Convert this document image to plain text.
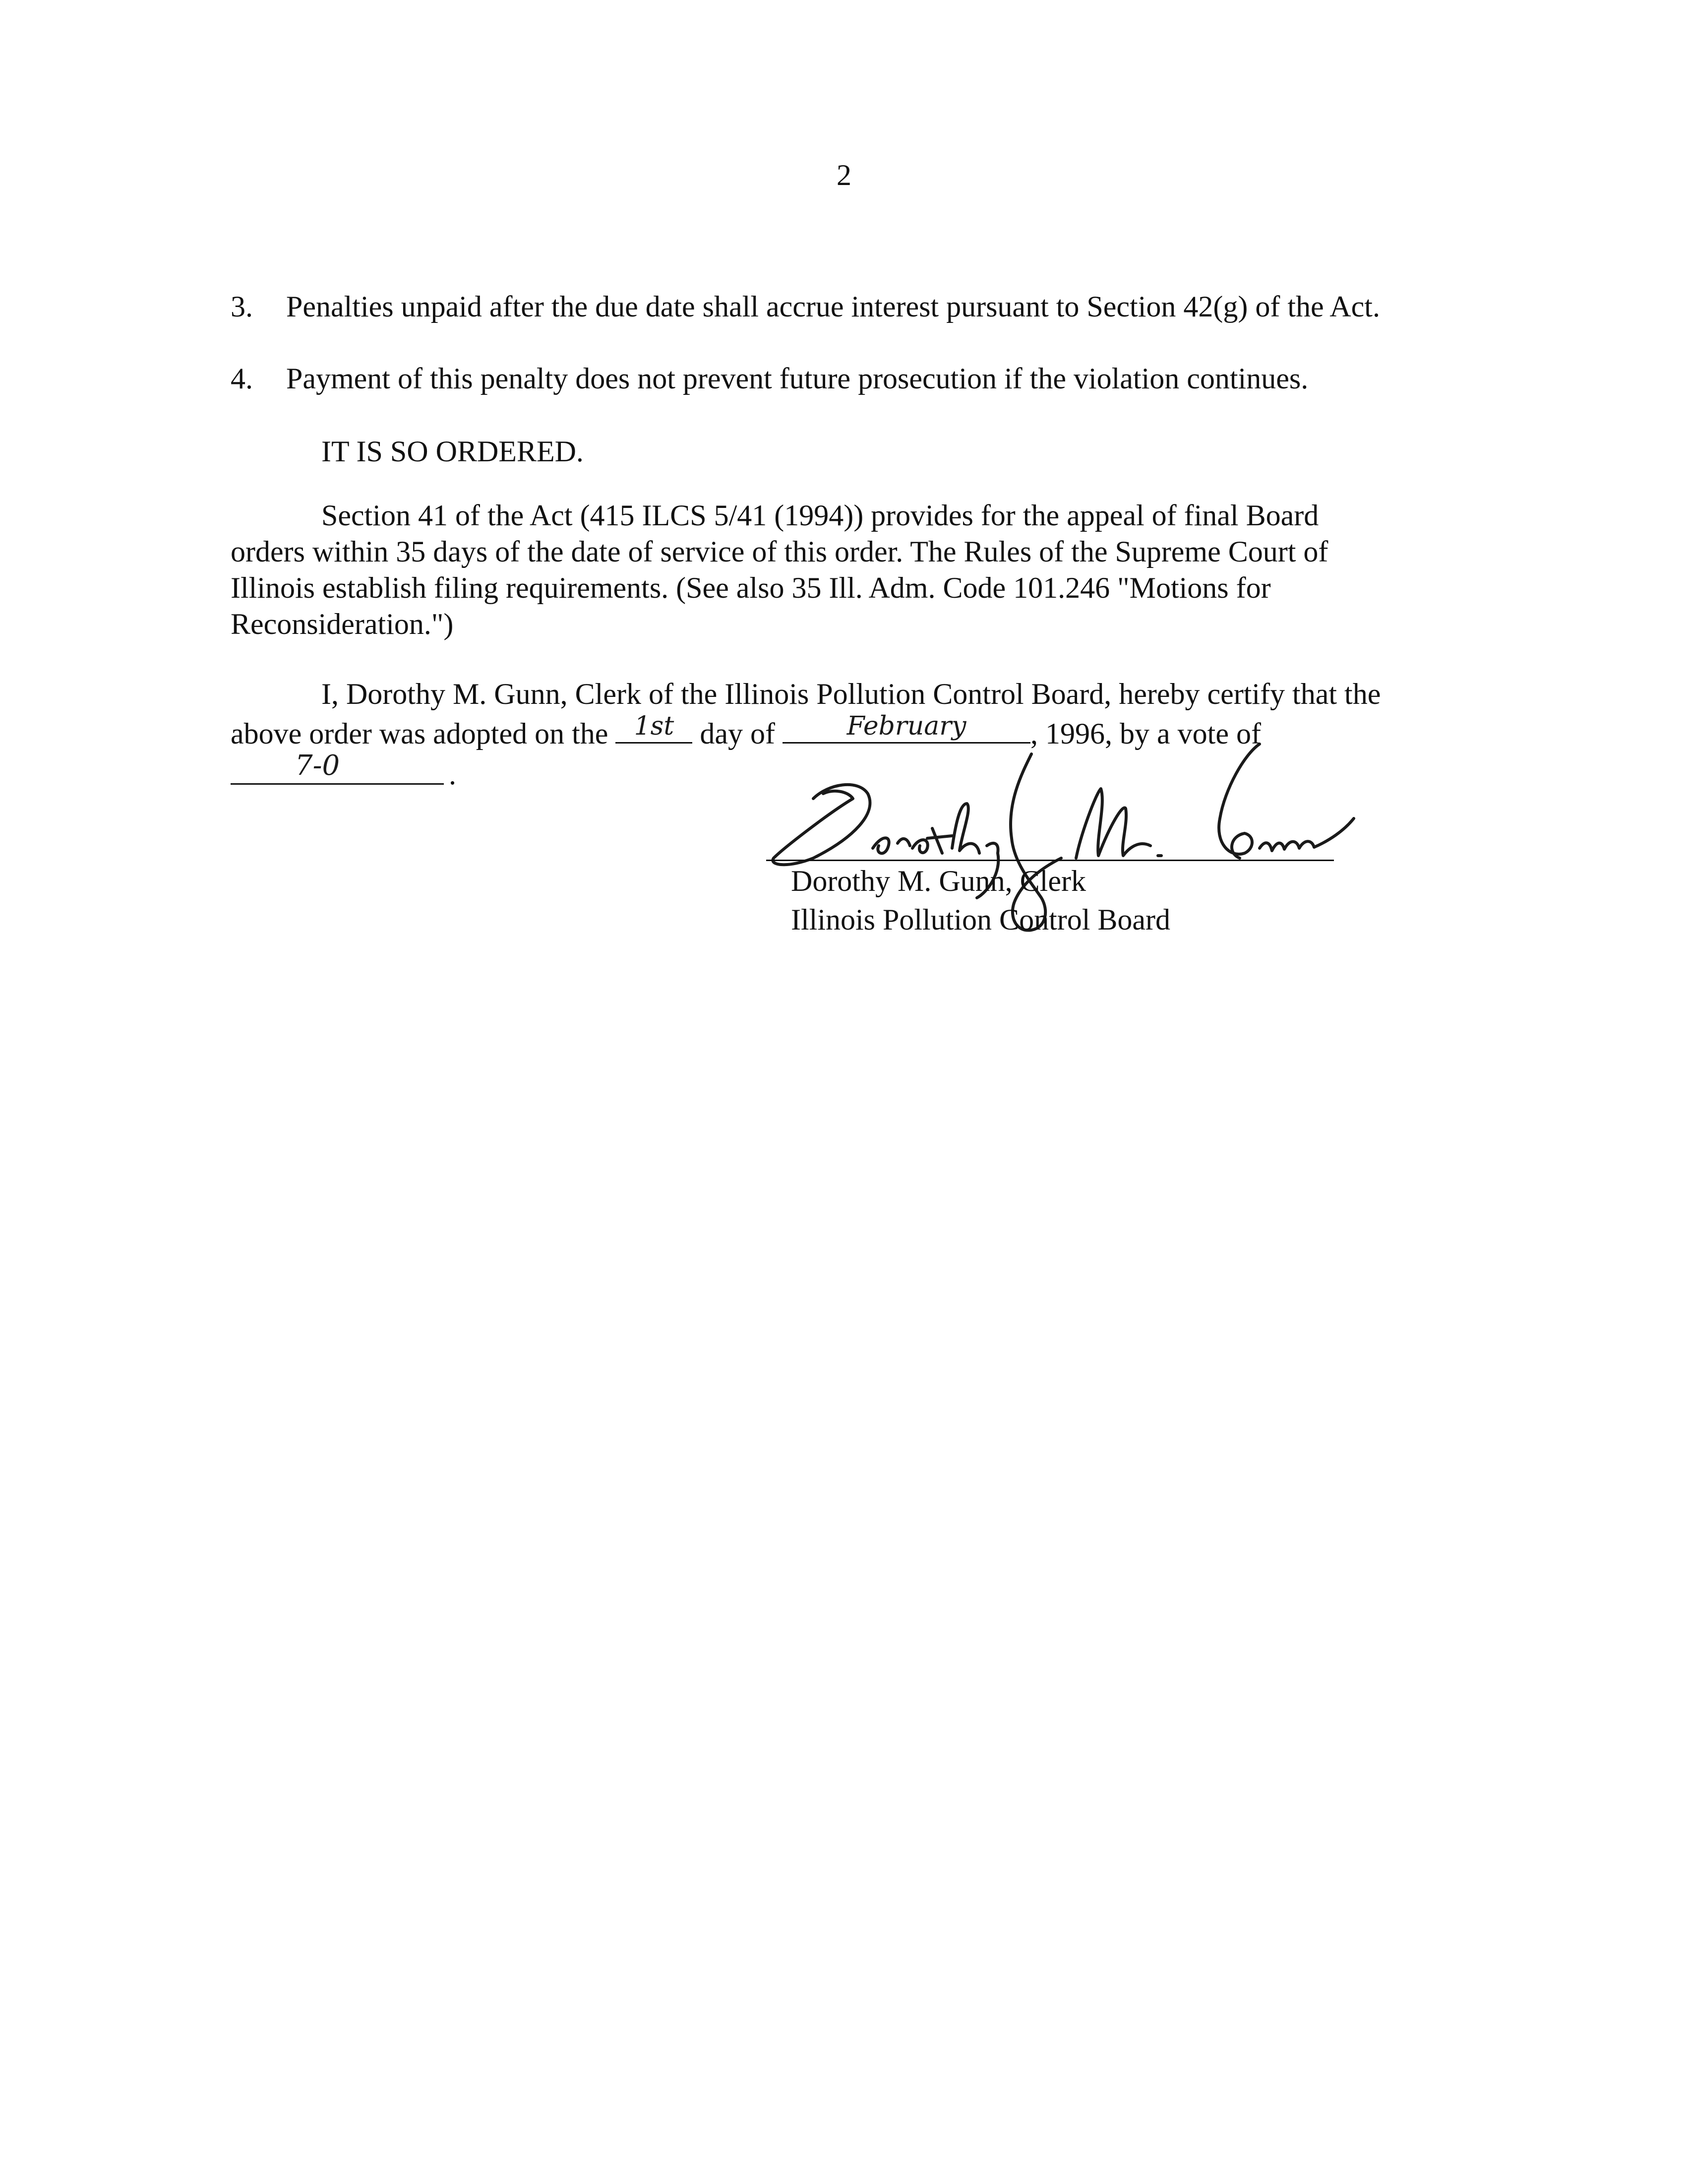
2
3. Penalties unpaid after the due date shall accrue interest pursuant to Section 42(g) of the Act.
4. Payment of this penalty does not prevent future prosecution if the violation continues.
IT IS SO ORDERED.
Section 41 of the Act (415 ILCS 5/41 (1994)) provides for the appeal of final Board
orders within 35 days of the date of service of this order. The Rules of the Supreme Court of
Illinois establish filing requirements. (See also 35 Ill. Adm. Code 101.246 "Motions for
Reconsideration.")
I, Dorothy M. Gunn, Clerk of the Illinois Pollution Control Board, hereby certify that the
above order was adopted on the	1st day of	February	, 1996, by a vote of
7-0	.
Dorothy M. Gunn, Clerk
Illinois Pollution Control Board
